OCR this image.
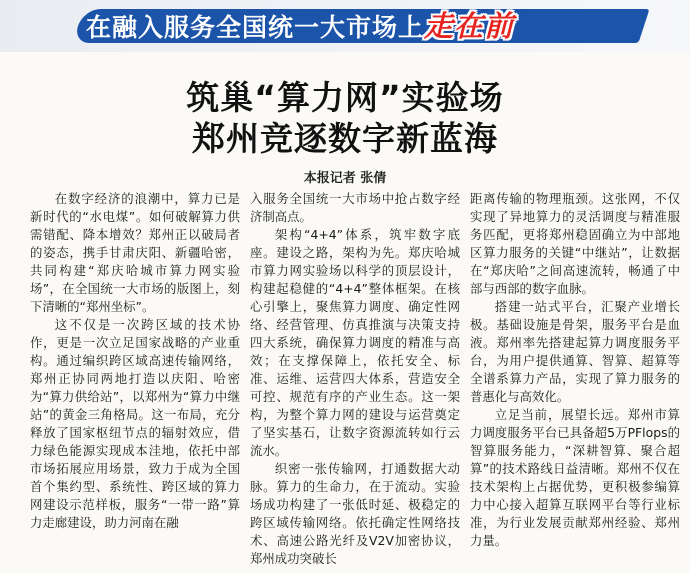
在融入服务全国统一大市场上走在前
筑巢“算力网”实验场
郑州竞逐数字新蓝海
本报记者 张倩

在数字经济的浪潮中，算力已是新时代的“水电煤”。如何破解算力供需错配、降本增效？郑州正以破局者的姿态，携手甘肃庆阳、新疆哈密，共同构建“郑庆哈城市算力网实验场”，在全国统一大市场的版图上，刻下清晰的“郑州坐标”。

这不仅是一次跨区域的技术协作，更是一次立足国家战略的产业重构。通过编织跨区域高速传输网络，郑州正协同两地打造以庆阳、哈密为“算力供给站”，以郑州为“算力中继站”的黄金三角格局。这一布局，充分释放了国家枢纽节点的辐射效应，借力绿色能源实现成本洼地，依托中部市场拓展应用场景，致力于成为全国首个集约型、系统性、跨区域的算力网建设示范样板，服务“一带一路”算力走廊建设，助力河南在融

入服务全国统一大市场中抢占数字经济制高点。

架构“4+4”体系，筑牢数字底座。建设之路，架构为先。郑庆哈城市算力网实验场以科学的顶层设计，构建起稳健的“4+4”整体框架。在核心引擎上，聚焦算力调度、确定性网络、经营管理、仿真推演与决策支持四大系统，确保算力调度的精准与高效；在支撑保障上，依托安全、标准、运维、运营四大体系，营造安全可控、规范有序的产业生态。这一架构，为整个算力网的建设与运营奠定了坚实基石，让数字资源流转如行云流水。

织密一张传输网，打通数据大动脉。算力的生命力，在于流动。实验场成功构建了一张低时延、极稳定的跨区域传输网络。依托确定性网络技术、高速公路光纤及V2V加密协议，郑州成功突破长

距离传输的物理瓶颈。这张网，不仅实现了异地算力的灵活调度与精准服务匹配，更将郑州稳固确立为中部地区算力服务的关键“中继站”，让数据在“郑庆哈”之间高速流转，畅通了中部与西部的数字血脉。

搭建一站式平台，汇聚产业增长极。基础设施是骨架，服务平台是血液。郑州率先搭建起算力调度服务平台，为用户提供通算、智算、超算等全谱系算力产品，实现了算力服务的普惠化与高效化。

立足当前，展望长远。郑州市算力调度服务平台已具备超5万PFlops的智算服务能力，“深耕智算、聚合超算”的技术路线日益清晰。郑州不仅在技术架构上占据优势，更积极参编算力中心接入超算互联网平台等行业标准，为行业发展贡献郑州经验、郑州力量。
